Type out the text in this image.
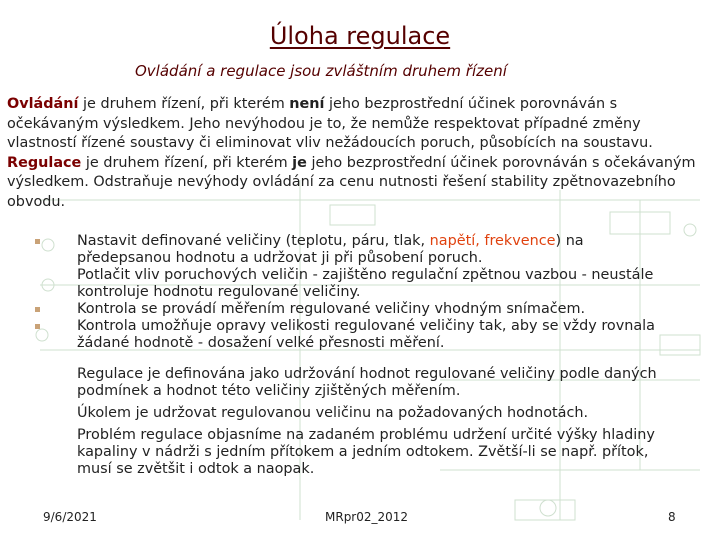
Úloha regulace
Ovládání a regulace jsou zvláštním druhem řízení
Ovládání je druhem řízení, při kterém není jeho bezprostřední účinek porovnáván s očekávaným výsledkem. Jeho nevýhodou je to, že nemůže respektovat případné změny vlastností řízené soustavy či eliminovat vliv nežádoucích poruch, působících na soustavu. Regulace je druhem řízení, při kterém je jeho bezprostřední účinek porovnáván s očekávaným výsledkem. Odstraňuje nevýhody ovládání za cenu nutnosti řešení stability zpětnovazebního obvodu.
Nastavit definované veličiny (teplotu, páru, tlak, napětí, frekvence) na předepsanou hodnotu a udržovat ji při působení poruch.
Potlačit vliv poruchových veličin - zajištěno regulační zpětnou vazbou - neustále kontroluje hodnotu regulované veličiny.
Kontrola se provádí měřením regulované veličiny vhodným snímačem.
Kontrola umožňuje opravy velikosti regulované veličiny tak, aby se vždy rovnala žádané hodnotě - dosažení velké přesnosti měření.

Regulace je definována jako udržování hodnot regulované veličiny podle daných podmínek a hodnot této veličiny zjištěných měřením.

Úkolem je udržovat regulovanou veličinu na požadovaných hodnotách.

Problém regulace objasníme na zadaném problému udržení určité výšky hladiny kapaliny v nádrži s jedním přítokem a jedním odtokem. Zvětší-li se např. přítok, musí se zvětšit i odtok a naopak.

9/6/2021	MRpr02_2012	8
